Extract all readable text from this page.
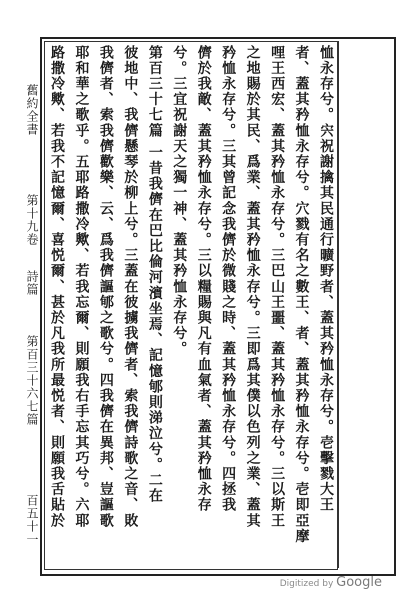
舊約全書
第十九卷
詩篇
第百三十六七篇
百五十一
恤永存兮。宍祝謝擒其民通行曠野者、蓋其矜恤永存兮。壱擊戮大王
者、蓋其矜恤永存兮。穴戮有名之數王、者、蓋其矜恤永存兮。壱即亞摩
哩王西宏、蓋其矜恤永存兮。三巴山王噩、蓋其矜恤永存兮。三以斯王
之地賜於其民、爲業、蓋其矜恤永存兮。三即爲其僕以色列之業、蓋其
矜恤永存兮。三其曾記念我儕於微賤之時、蓋其矜恤永存兮。四拯我
儕於我敵、蓋其矜恤永存兮。三以糧賜與凡有血氣者、蓋其矜恤永存
兮。三宜祝謝天之獨一神、蓋其矜恤永存兮。
第百三十七篇 一昔我儕在巴比倫河濱坐焉、記憶郇則涕泣兮。二在
彼地中、我儕懸琴於柳上兮。三蓋在彼擄我儕者、索我儕詩歌之音、敗
我儕者、索我儕歡樂、云、爲我儕謳郇之歌兮。四我儕在異邦、豈謳歌
耶和華之歌乎。五耶路撒冷歟、若我忘爾、則願我右手忘其巧兮。六耶
路撒冷歟、若我不記憶爾、喜悦爾、甚於凡我所最悦者、則願我舌貼於
Digitized by Google
